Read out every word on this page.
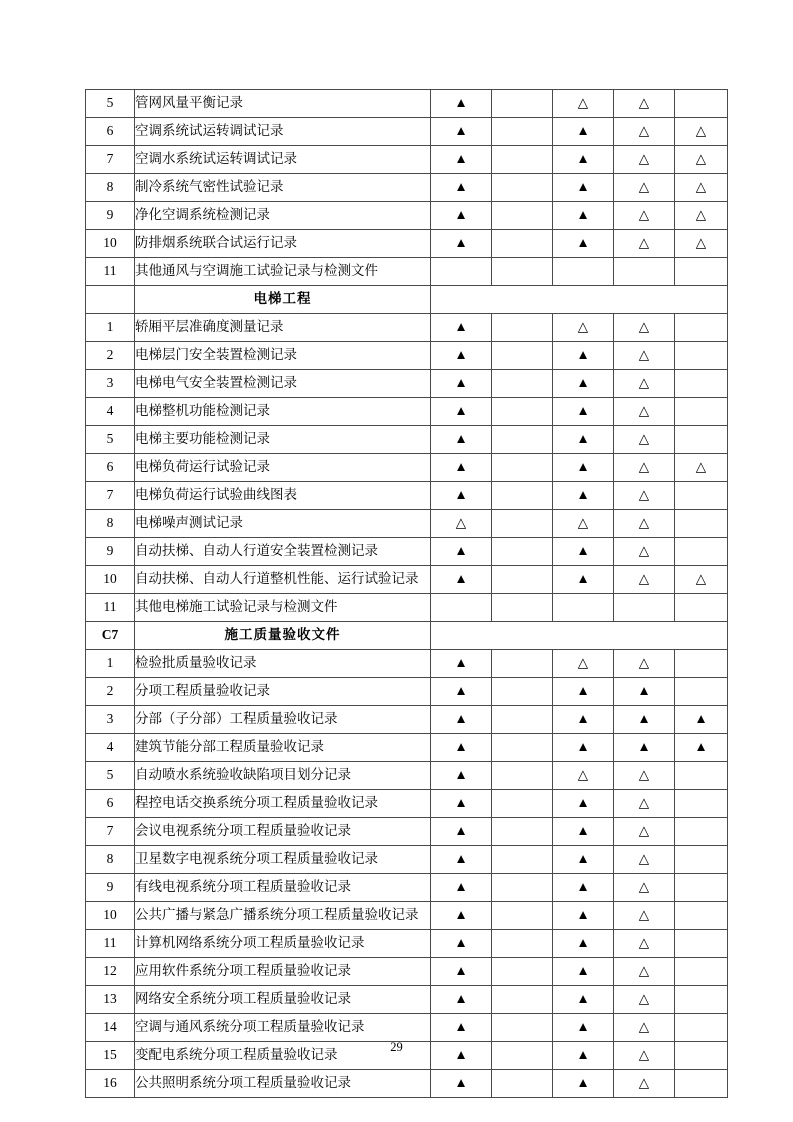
5	管网风量平衡记录	▲		△	△	
6	空调系统试运转调试记录	▲		▲	△	△
7	空调水系统试运转调试记录	▲		▲	△	△
8	制冷系统气密性试验记录	▲		▲	△	△
9	净化空调系统检测记录	▲		▲	△	△
10	防排烟系统联合试运行记录	▲		▲	△	△
11	其他通风与空调施工试验记录与检测文件					
	电梯工程					
1	轿厢平层准确度测量记录	▲		△	△	
2	电梯层门安全装置检测记录	▲		▲	△	
3	电梯电气安全装置检测记录	▲		▲	△	
4	电梯整机功能检测记录	▲		▲	△	
5	电梯主要功能检测记录	▲		▲	△	
6	电梯负荷运行试验记录	▲		▲	△	△
7	电梯负荷运行试验曲线图表	▲		▲	△	
8	电梯噪声测试记录	△		△	△	
9	自动扶梯、自动人行道安全装置检测记录	▲		▲	△	
10	自动扶梯、自动人行道整机性能、运行试验记录	▲		▲	△	△
11	其他电梯施工试验记录与检测文件					
C7	施工质量验收文件					
1	检验批质量验收记录	▲		△	△	
2	分项工程质量验收记录	▲		▲	▲	
3	分部（子分部）工程质量验收记录	▲		▲	▲	▲
4	建筑节能分部工程质量验收记录	▲		▲	▲	▲
5	自动喷水系统验收缺陷项目划分记录	▲		△	△	
6	程控电话交换系统分项工程质量验收记录	▲		▲	△	
7	会议电视系统分项工程质量验收记录	▲		▲	△	
8	卫星数字电视系统分项工程质量验收记录	▲		▲	△	
9	有线电视系统分项工程质量验收记录	▲		▲	△	
10	公共广播与紧急广播系统分项工程质量验收记录	▲		▲	△	
11	计算机网络系统分项工程质量验收记录	▲		▲	△	
12	应用软件系统分项工程质量验收记录	▲		▲	△	
13	网络安全系统分项工程质量验收记录	▲		▲	△	
14	空调与通风系统分项工程质量验收记录	▲		▲	△	
15	变配电系统分项工程质量验收记录	▲		▲	△	
16	公共照明系统分项工程质量验收记录	▲		▲	△	
29
